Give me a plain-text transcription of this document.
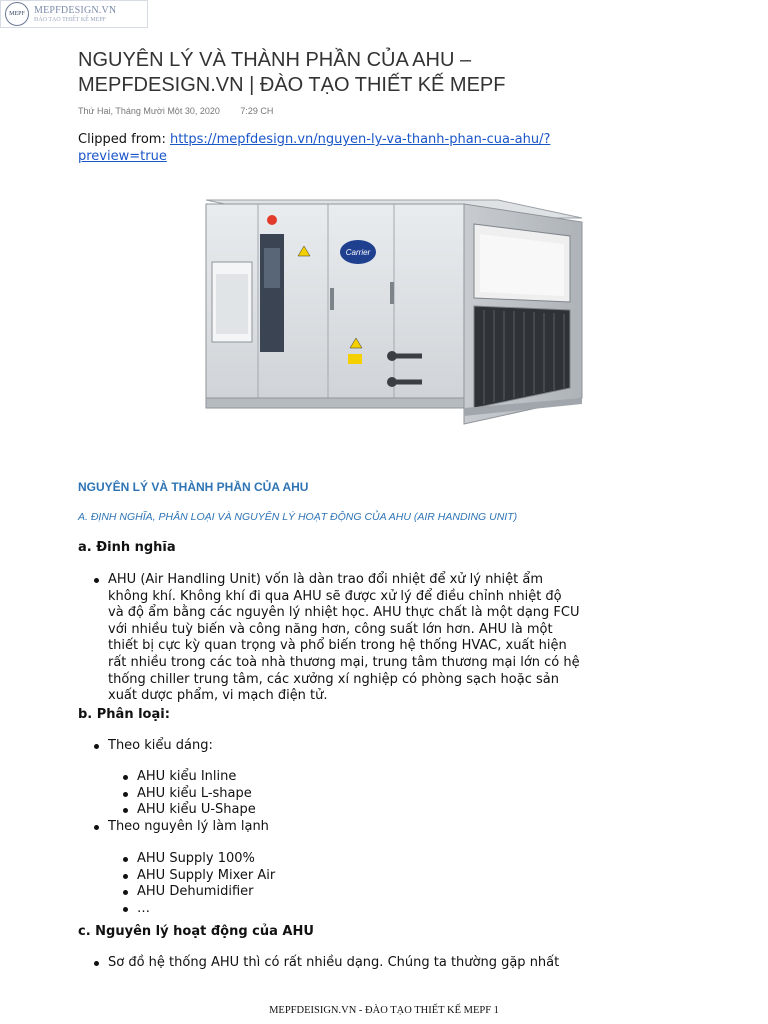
MEPF MEPFDESIGN.VN
ĐÀO TẠO THIẾT KẾ MEPF
NGUYÊN LÝ VÀ THÀNH PHẦN CỦA AHU –
MEPFDESIGN.VN | ĐÀO TẠO THIẾT KẾ MEPF
Thứ Hai, Tháng Mười Một 30, 2020 7:29 CH
Clipped from: https://mepfdesign.vn/nguyen-ly-va-thanh-phan-cua-ahu/?preview=true
Carrier
NGUYÊN LÝ VÀ THÀNH PHẦN CỦA AHU
A. ĐỊNH NGHĨA, PHÂN LOẠI VÀ NGUYÊN LÝ HOẠT ĐỘNG CỦA AHU (AIR HANDING UNIT)
a. Đinh nghĩa
AHU (Air Handling Unit) vốn là dàn trao đổi nhiệt để xử lý nhiệt ẩm
không khí. Không khí đi qua AHU sẽ được xử lý để điều chỉnh nhiệt độ
và độ ẩm bằng các nguyên lý nhiệt học. AHU thực chất là một dạng FCU
với nhiều tuỳ biến và công năng hơn, công suất lớn hơn. AHU là một
thiết bị cực kỳ quan trọng và phổ biến trong hệ thống HVAC, xuất hiện
rất nhiều trong các toà nhà thương mại, trung tâm thương mại lớn có hệ
thống chiller trung tâm, các xưởng xí nghiệp có phòng sạch hoặc sản
xuất dược phẩm, vi mạch điện tử.
b. Phân loại:
Theo kiểu dáng:
AHU kiểu Inline
AHU kiểu L-shape
AHU kiểu U-Shape
Theo nguyên lý làm lạnh
AHU Supply 100%
AHU Supply Mixer Air
AHU Dehumidifier
…
c. Nguyên lý hoạt động của AHU
Sơ đồ hệ thống AHU thì có rất nhiều dạng. Chúng ta thường gặp nhất
MEPFDEISIGN.VN - ĐÀO TẠO THIẾT KẾ MEPF 1
